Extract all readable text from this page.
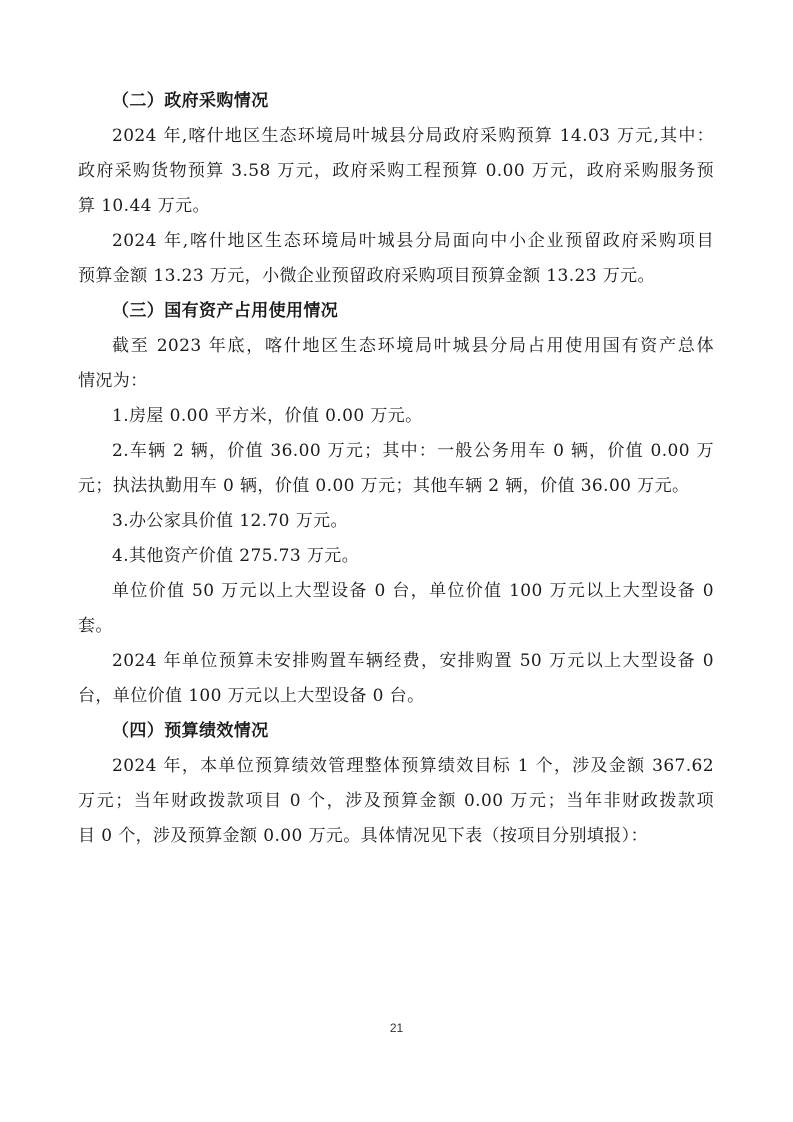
（二）政府采购情况
2024 年,喀什地区生态环境局叶城县分局政府采购预算 14.03 万元,其中：
政府采购货物预算 3.58 万元，政府采购工程预算 0.00 万元，政府采购服务预
算 10.44 万元。
2024 年,喀什地区生态环境局叶城县分局面向中小企业预留政府采购项目
预算金额 13.23 万元，小微企业预留政府采购项目预算金额 13.23 万元。
（三）国有资产占用使用情况
截至 2023 年底，喀什地区生态环境局叶城县分局占用使用国有资产总体
情况为：
1.房屋 0.00 平方米，价值 0.00 万元。
2.车辆 2 辆，价值 36.00 万元；其中：一般公务用车 0 辆，价值 0.00 万
元；执法执勤用车 0 辆，价值 0.00 万元；其他车辆 2 辆，价值 36.00 万元。
3.办公家具价值 12.70 万元。
4.其他资产价值 275.73 万元。
单位价值 50 万元以上大型设备 0 台，单位价值 100 万元以上大型设备 0
套。
2024 年单位预算未安排购置车辆经费，安排购置 50 万元以上大型设备 0
台，单位价值 100 万元以上大型设备 0 台。
（四）预算绩效情况
2024 年，本单位预算绩效管理整体预算绩效目标 1 个，涉及金额 367.62
万元；当年财政拨款项目 0 个，涉及预算金额 0.00 万元；当年非财政拨款项
目 0 个，涉及预算金额 0.00 万元。具体情况见下表（按项目分别填报）：
21
